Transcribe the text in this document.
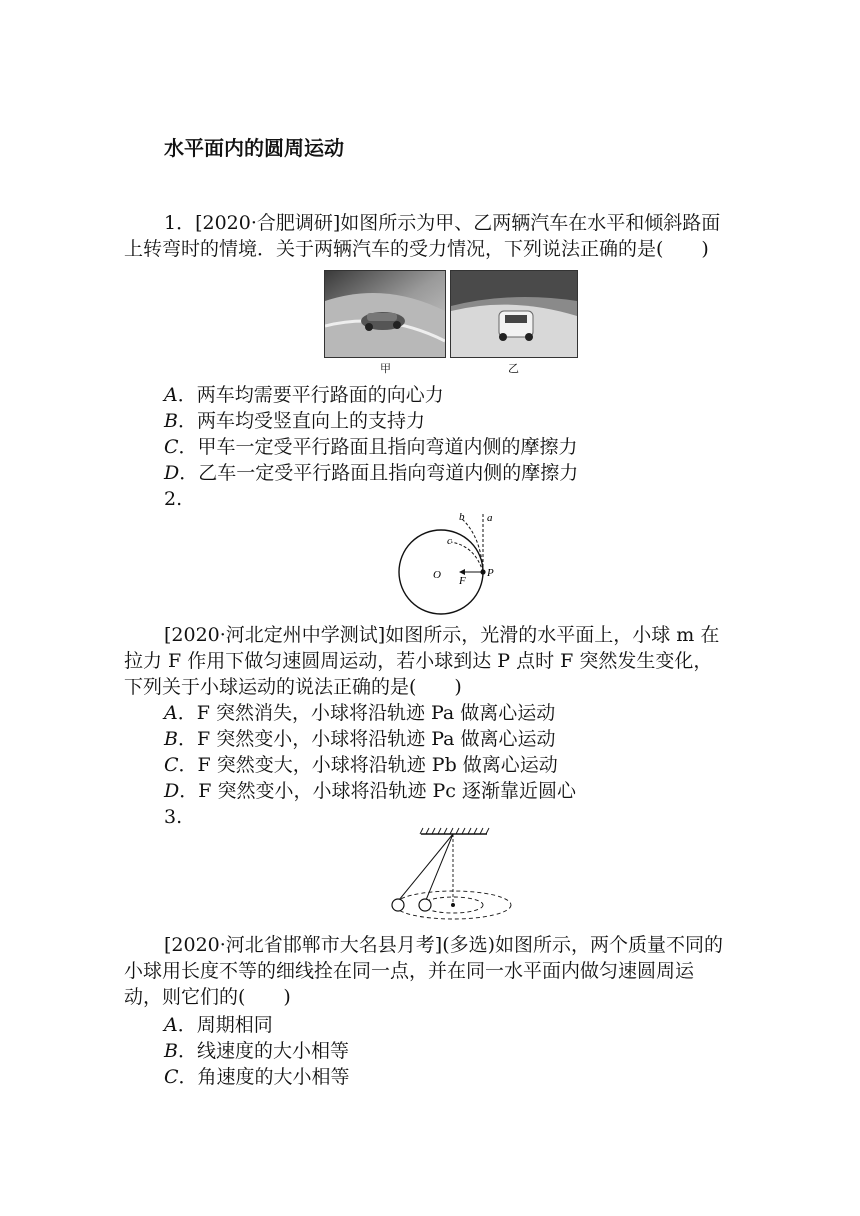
水平面内的圆周运动
1．[2020·合肥调研]如图所示为甲、乙两辆汽车在水平和倾斜路面
上转弯时的情境．关于两辆汽车的受力情况，下列说法正确的是(　　)
甲	乙
A．两车均需要平行路面的向心力
B．两车均受竖直向上的支持力
C．甲车一定受平行路面且指向弯道内侧的摩擦力
D．乙车一定受平行路面且指向弯道内侧的摩擦力
2.
a
b
c
O F
P
[2020·河北定州中学测试]如图所示，光滑的水平面上，小球 m 在
拉力 F 作用下做匀速圆周运动，若小球到达 P 点时 F 突然发生变化，
下列关于小球运动的说法正确的是(　　)
A．F 突然消失，小球将沿轨迹 Pa 做离心运动
B．F 突然变小，小球将沿轨迹 Pa 做离心运动
C．F 突然变大，小球将沿轨迹 Pb 做离心运动
D．F 突然变小，小球将沿轨迹 Pc 逐渐靠近圆心
3.
[2020·河北省邯郸市大名县月考](多选)如图所示，两个质量不同的
小球用长度不等的细线拴在同一点，并在同一水平面内做匀速圆周运
动，则它们的(　　)
A．周期相同
B．线速度的大小相等
C．角速度的大小相等
